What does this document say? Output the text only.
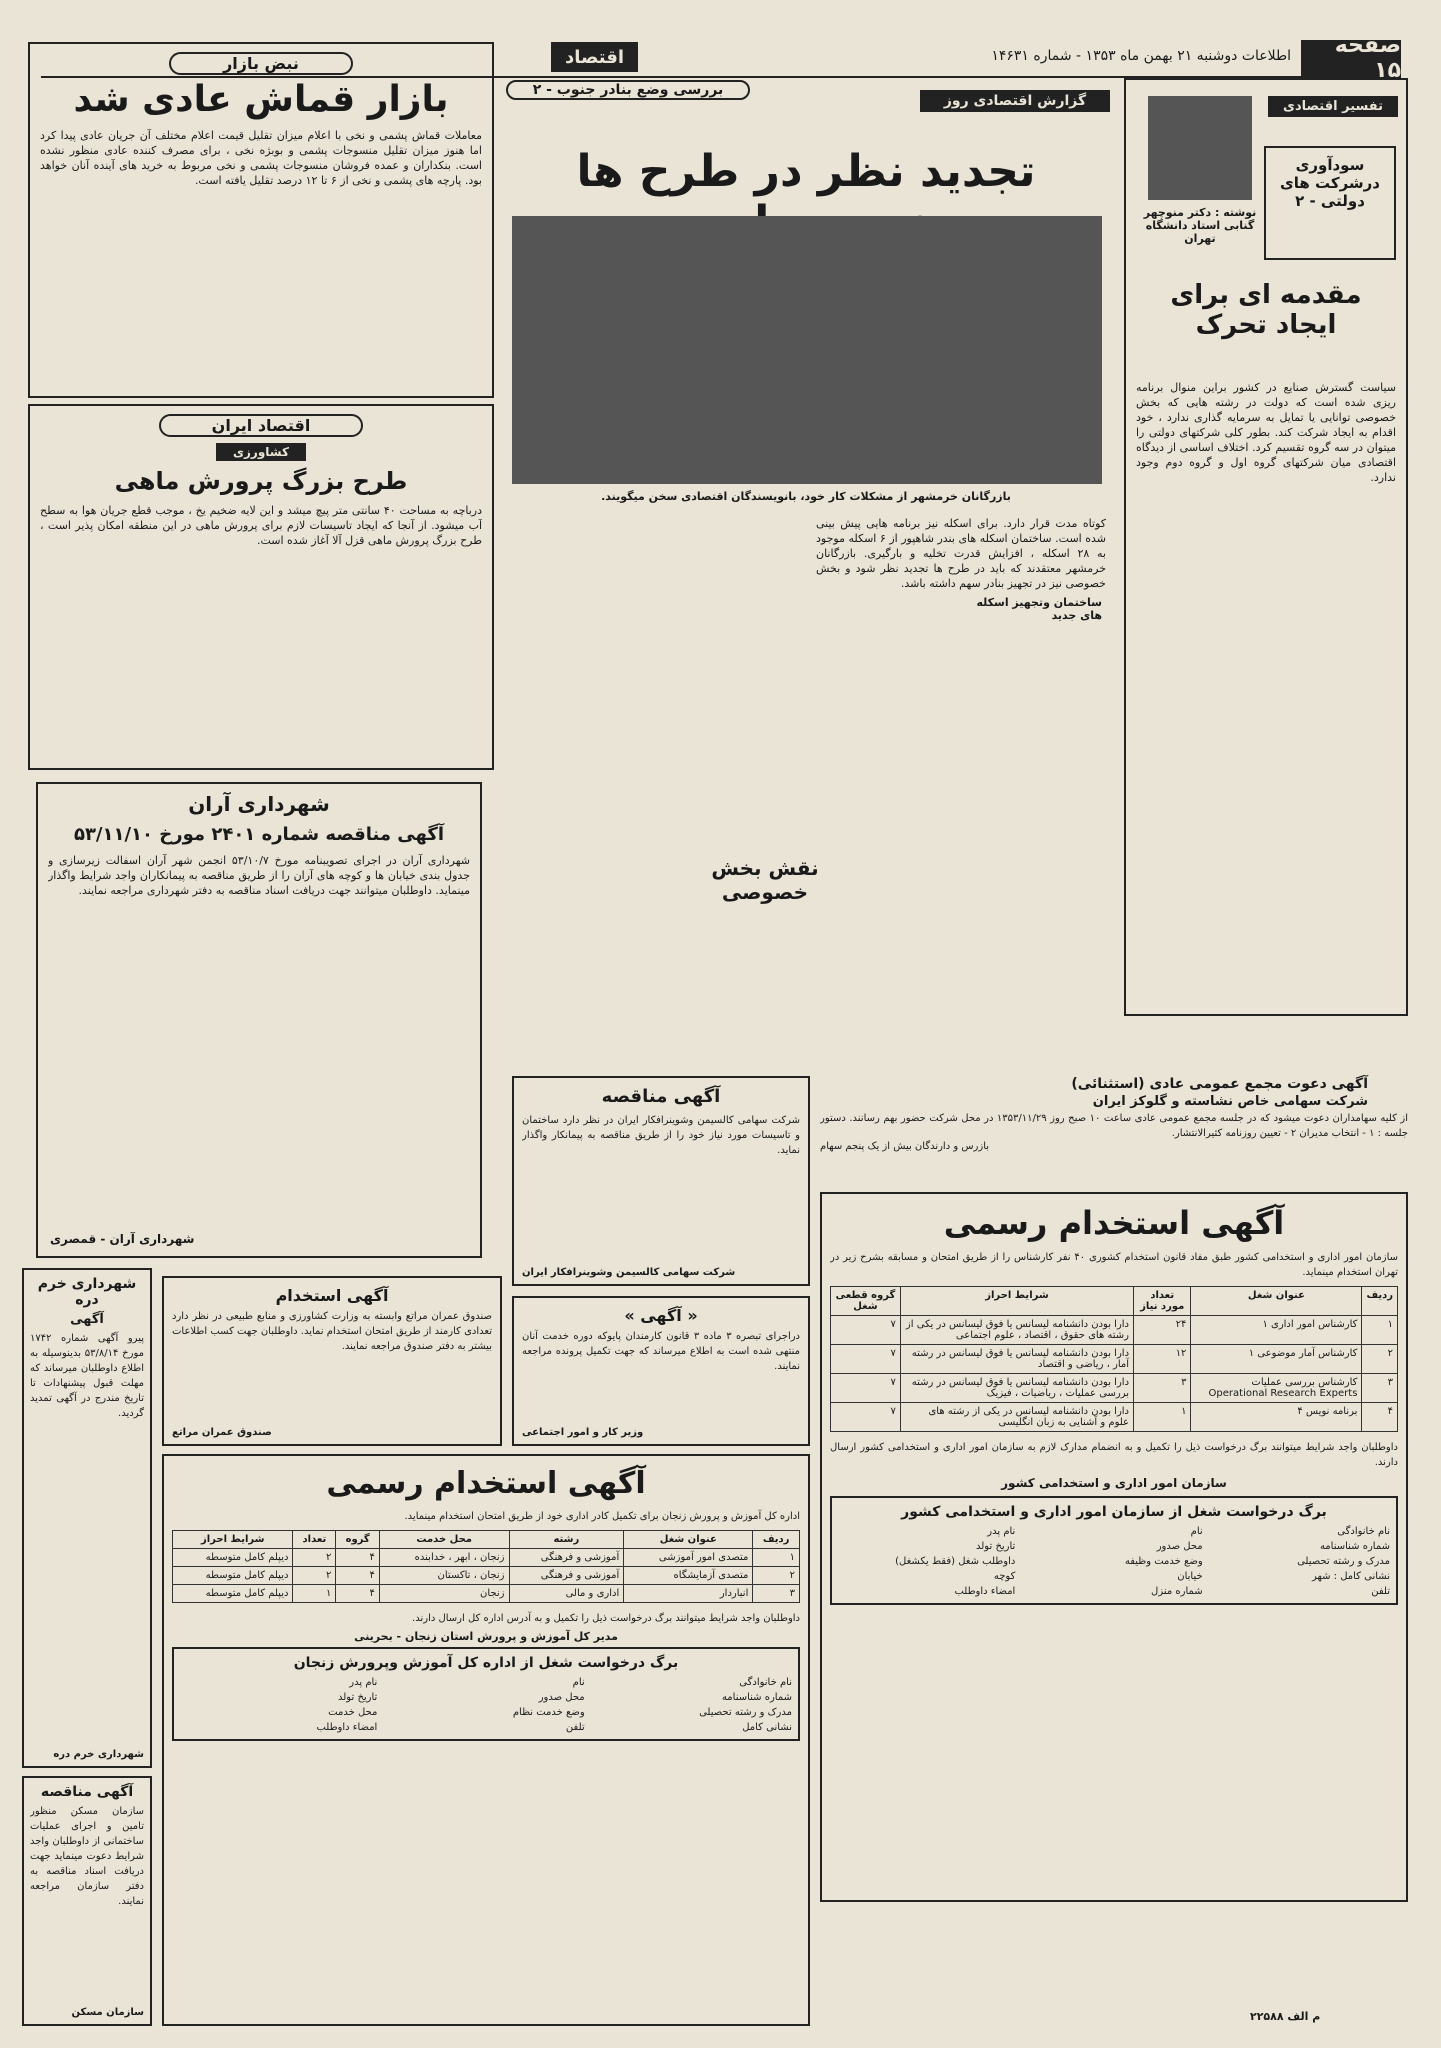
صفحه ۱۵
اطلاعات دوشنبه ۲۱ بهمن ماه ۱۳۵۳ - شماره ۱۴۶۳۱
اقتصاد
نبض بازار
بازار قماش عادی شد
معاملات قماش پشمی و نخی با اعلام میزان تقلیل قیمت اعلام مختلف آن جریان عادی پیدا کرد اما هنوز میزان تقلیل منسوجات پشمی و بوبژه نخی ، برای مصرف کننده عادی منظور نشده است. بنکداران و عمده فروشان منسوجات پشمی و نخی مربوط به خرید های آینده آنان خواهد بود. پارچه های پشمی و نخی از ۶ تا ۱۲ درصد تقلیل یافته است.
اقتصاد ایران
کشاورزی
طرح بزرگ پرورش ماهی
درباچه به مساحت ۴۰ سانتی متر پیچ میشد و این لایه ضخیم یخ ، موجب قطع جریان هوا به سطح آب میشود. از آنجا که ایجاد تاسیسات لازم برای پرورش ماهی در این منطقه امکان پذیر است ، طرح بزرگ پرورش ماهی قزل آلا آغاز شده است.
شهرداری آران
آگهی مناقصه شماره ۲۴۰۱ مورخ ۵۳/۱۱/۱۰
شهرداری آران در اجرای تصویبنامه مورخ ۵۳/۱۰/۷ انجمن شهر آران اسفالت زیرسازی و جدول بندی خیابان ها و کوچه های آران را از طریق مناقصه به پیمانکاران واجد شرایط واگذار مینماید. داوطلبان میتوانند جهت دریافت اسناد مناقصه به دفتر شهرداری مراجعه نمایند.
شهرداری آران - قمصری
شهرداری خرم دره
آگهی
پیرو آگهی شماره ۱۷۴۲ مورخ ۵۳/۸/۱۴ بدینوسیله به اطلاع داوطلبان میرساند که مهلت قبول پیشنهادات تا تاریخ مندرج در آگهی تمدید گردید.
شهرداری خرم دره
آگهی مناقصه
سازمان مسکن منظور تامین و اجرای عملیات ساختمانی از داوطلبان واجد شرایط دعوت مینماید جهت دریافت اسناد مناقصه به دفتر سازمان مراجعه نمایند.
سازمان مسکن
بررسی وضع بنادر جنوب - ۲
گزارش اقتصادی روز
تجدید نظر در طرح ها
بازرگانان خرمشهر از مشکلات کار خود، بانویسندگان اقتصادی سخن میگویند.
کوتاه مدت قرار دارد. برای اسکله نیز برنامه هایی پیش بینی شده است. ساختمان اسکله های بندر شاهپور از ۶ اسکله موجود به ۲۸ اسکله ، افزایش قدرت تخلیه و بارگیری. بازرگانان خرمشهر معتقدند که باید در طرح ها تجدید نظر شود و بخش خصوصی نیز در تجهیز بنادر سهم داشته باشد.
ساختمان وتجهیز اسکله های جدید
نقش بخش خصوصی
تفسیر اقتصادی
سودآوری درشرکت های دولتی - ۲
نوشته : دکتر منوچهر گنابی استاد دانشگاه تهران
مقدمه ای برای ایجاد تحرک
سیاست گسترش صنایع در کشور براین منوال برنامه ریزی شده است که دولت در رشته هایی که بخش خصوصی توانایی یا تمایل به سرمایه گذاری ندارد ، خود اقدام به ایجاد شرکت کند. بطور کلی شرکتهای دولتی را میتوان در سه گروه تقسیم کرد. اختلاف اساسی از دیدگاه اقتصادی میان شرکتهای گروه اول و گروه دوم وجود ندارد.
آگهی دعوت مجمع عمومی عادی (استثنائی)
شرکت سهامی خاص نشاسته و گلوکز ایران
از کلیه سهامداران دعوت میشود که در جلسه مجمع عمومی عادی ساعت ۱۰ صبح روز ۱۳۵۳/۱۱/۲۹ در محل شرکت حضور بهم رسانند. دستور جلسه : ۱ - انتخاب مدیران ۲ - تعیین روزنامه کثیرالانتشار.
بازرس و دارندگان بیش از یک پنجم سهام
آگهی مناقصه
شرکت سهامی کالسیمن وشوینرافکار ایران در نظر دارد ساختمان و تاسیسات مورد نیاز خود را از طریق مناقصه به پیمانکار واگذار نماید.
شرکت سهامی کالسیمن وشوینرافکار ایران
« آگهی »
دراجرای تبصره ۳ ماده ۳ قانون کارمندان پایوکه دوره خدمت آنان منتهی شده است به اطلاع میرساند که جهت تکمیل پرونده مراجعه نمایند.
وزیر کار و امور اجتماعی
آگهی استخدام
صندوق عمران مراتع وابسته به وزارت کشاورزی و منابع طبیعی در نظر دارد تعدادی کارمند از طریق امتحان استخدام نماید. داوطلبان جهت کسب اطلاعات بیشتر به دفتر صندوق مراجعه نمایند.
صندوق عمران مراتع
آگهی استخدام رسمی
اداره کل آموزش و پرورش زنجان برای تکمیل کادر اداری خود از طریق امتحان استخدام مینماید.
ردیف	عنوان شغل	رشته	محل خدمت	گروه	تعداد	شرایط احراز
۱	متصدی امور آموزشی	آموزشی و فرهنگی	زنجان ، ابهر ، خدابنده	۴	۲	دیپلم کامل متوسطه
۲	متصدی آزمایشگاه	آموزشی و فرهنگی	زنجان ، تاکستان	۴	۲	دیپلم کامل متوسطه
۳	انباردار	اداری و مالی	زنجان	۴	۱	دیپلم کامل متوسطه
داوطلبان واجد شرایط میتوانند برگ درخواست ذیل را تکمیل و به آدرس اداره کل ارسال دارند.
مدیر کل آموزش و پرورش استان زنجان - بحرینی
برگ درخواست شغل از اداره کل آموزش وپرورش زنجان
نام خانوادگی
نام
نام پدر
شماره شناسنامه
محل صدور
تاریخ تولد
مدرک و رشته تحصیلی
وضع خدمت نظام
محل خدمت
نشانی کامل
تلفن
امضاء داوطلب
آگهی استخدام رسمی
سازمان امور اداری و استخدامی کشور طبق مفاد قانون استخدام کشوری ۴۰ نفر کارشناس را از طریق امتحان و مسابقه بشرح زیر در تهران استخدام مینماید.
ردیف	عنوان شغل	تعداد مورد نیاز	شرایط احراز	گروه قطعی شغل
۱	کارشناس امور اداری ۱	۲۴	دارا بودن دانشنامه لیسانس یا فوق لیسانس در یکی از رشته های حقوق ، اقتصاد ، علوم اجتماعی	۷
۲	کارشناس آمار موضوعی ۱	۱۲	دارا بودن دانشنامه لیسانس یا فوق لیسانس در رشته آمار ، ریاضی و اقتصاد	۷
۳	کارشناس بررسی عملیات Operational Research Experts	۳	دارا بودن دانشنامه لیسانس یا فوق لیسانس در رشته بررسی عملیات ، ریاضیات ، فیزیک	۷
۴	برنامه نویس ۴	۱	دارا بودن دانشنامه لیسانس در یکی از رشته های علوم و آشنایی به زبان انگلیسی	۷
داوطلبان واجد شرایط میتوانند برگ درخواست ذیل را تکمیل و به انضمام مدارک لازم به سازمان امور اداری و استخدامی کشور ارسال دارند.
سازمان امور اداری و استخدامی کشور
برگ درخواست شغل از سازمان امور اداری و استخدامی کشور
نام خانوادگی
نام
نام پدر
شماره شناسنامه
محل صدور
تاریخ تولد
مدرک و رشته تحصیلی
وضع خدمت وظیفه
داوطلب شغل (فقط یکشغل)
نشانی کامل : شهر
خیابان
کوچه
تلفن
شماره منزل
امضاء داوطلب
م الف ۲۲۵۸۸
